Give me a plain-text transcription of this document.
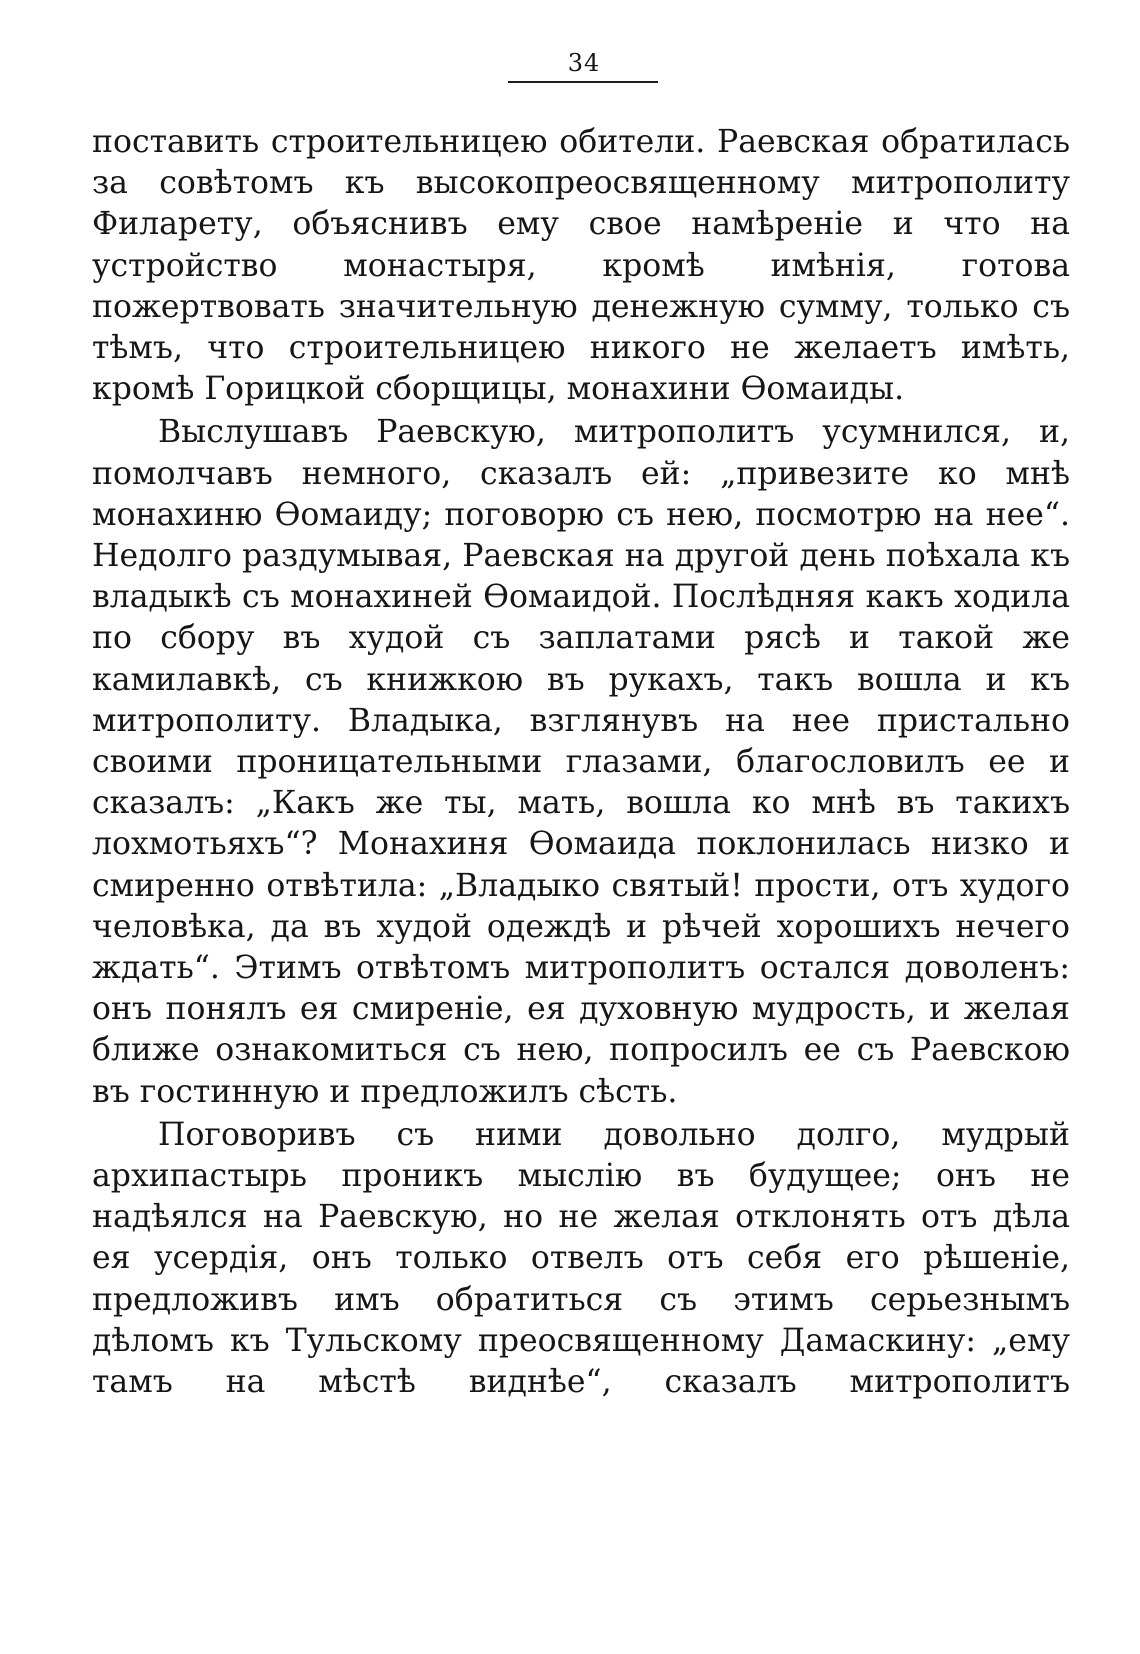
34

поставить строительницею обители. Раевская обратилась за совѣтомъ къ высокопреосвященному митрополиту Филарету, объяснивъ ему свое намѣреніе и что на устройство монастыря, кромѣ имѣнія, готова пожертвовать значительную денежную сумму, только съ тѣмъ, что строительницею никого не желаетъ имѣть, кромѣ Горицкой сборщицы, монахини Ѳомаиды.

Выслушавъ Раевскую, митрополитъ усумнился, и, помолчавъ немного, сказалъ ей: „привезите ко мнѣ монахиню Ѳомаиду; поговорю съ нею, посмотрю на нее“. Недолго раздумывая, Раевская на другой день поѣхала къ владыкѣ съ монахиней Ѳомаидой. Послѣдняя какъ ходила по сбору въ худой съ заплатами рясѣ и такой же камилавкѣ, съ книжкою въ рукахъ, такъ вошла и къ митрополиту. Владыка, взглянувъ на нее пристально своими проницательными глазами, благословилъ ее и сказалъ: „Какъ же ты, мать, вошла ко мнѣ въ такихъ лохмотьяхъ“? Монахиня Ѳомаида поклонилась низко и смиренно отвѣтила: „Владыко святый! прости, отъ худого человѣка, да въ худой одеждѣ и рѣчей хорошихъ нечего ждать“. Этимъ отвѣтомъ митрополитъ остался доволенъ: онъ понялъ ея смиреніе, ея духовную мудрость, и желая ближе ознакомиться съ нею, попросилъ ее съ Раевскою въ гостинную и предложилъ сѣсть.

Поговоривъ съ ними довольно долго, мудрый архипастырь проникъ мыслію въ будущее; онъ не надѣялся на Раевскую, но не желая отклонять отъ дѣла ея усердія, онъ только отвелъ отъ себя его рѣшеніе, предложивъ имъ обратиться съ этимъ серьезнымъ дѣломъ къ Тульскому преосвященному Дамаскину: „ему тамъ на мѣстѣ виднѣе“, сказалъ митрополитъ
